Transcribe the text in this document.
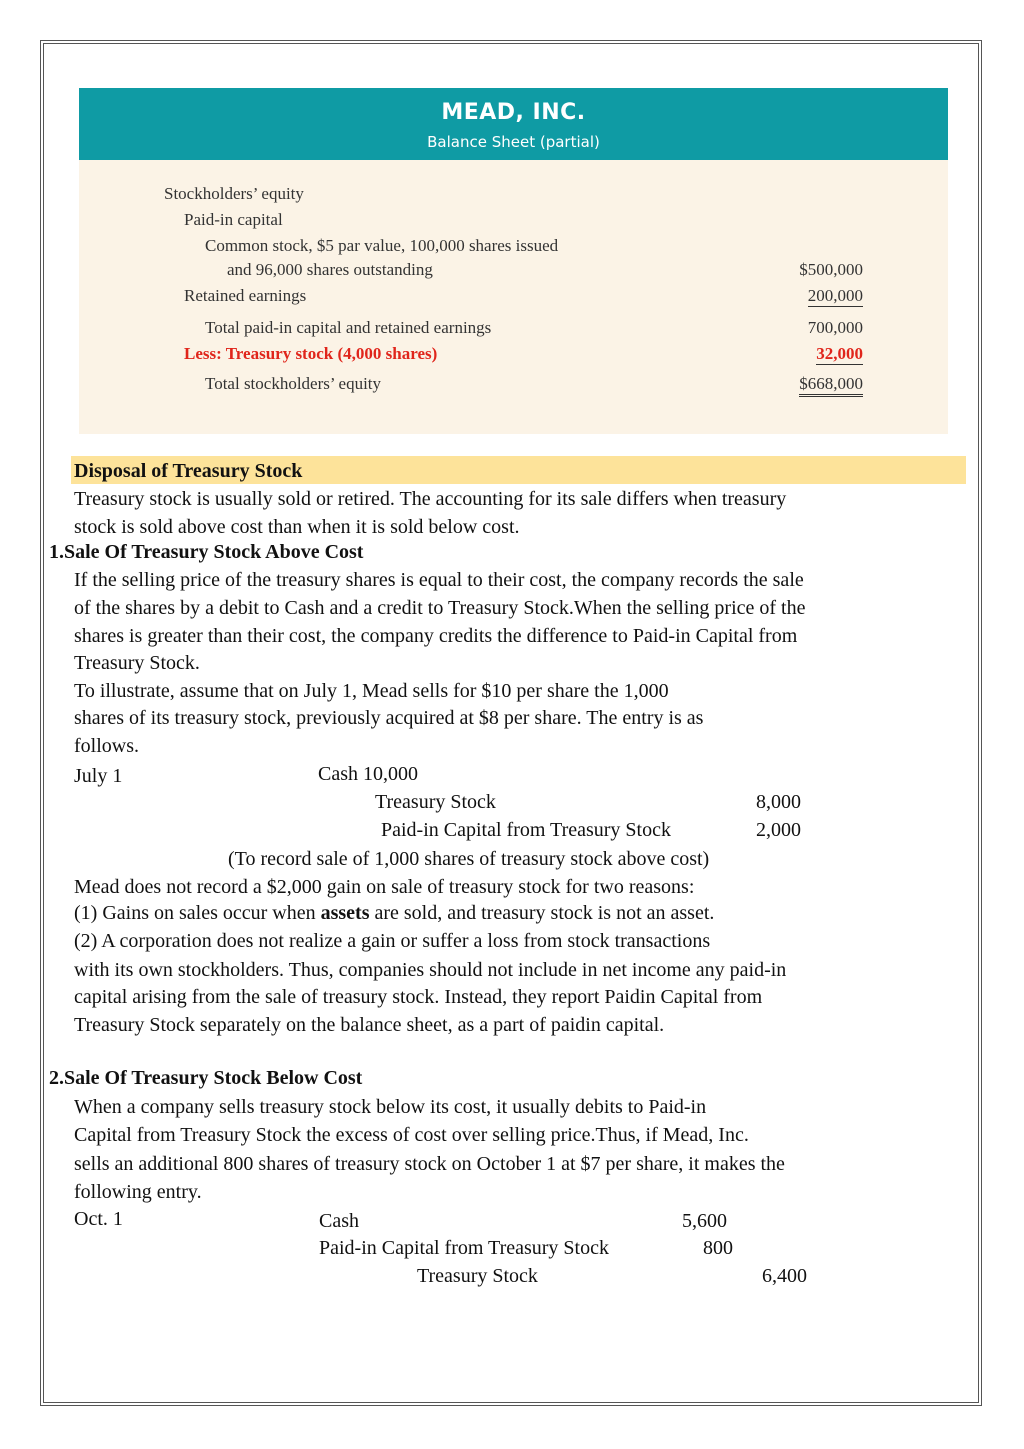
MEAD, INC.
Balance Sheet (partial)
Stockholders’ equity
Paid-in capital
Common stock, $5 par value, 100,000 shares issued
and 96,000 shares outstanding	$500,000
Retained earnings	200,000
Total paid-in capital and retained earnings	700,000
Less: Treasury stock (4,000 shares)	32,000
Total stockholders’ equity	$668,000
Disposal of Treasury Stock
Treasury stock is usually sold or retired. The accounting for its sale differs when treasury
stock is sold above cost than when it is sold below cost.
1.Sale Of Treasury Stock Above Cost
If the selling price of the treasury shares is equal to their cost, the company records the sale
of the shares by a debit to Cash and a credit to Treasury Stock.When the selling price of the
shares is greater than their cost, the company credits the difference to Paid-in Capital from
Treasury Stock.
To illustrate, assume that on July 1, Mead sells for $10 per share the 1,000
shares of its treasury stock, previously acquired at $8 per share. The entry is as
follows.
July 1	Cash 10,000
Treasury Stock	8,000
Paid-in Capital from Treasury Stock	2,000
(To record sale of 1,000 shares of treasury stock above cost)
Mead does not record a $2,000 gain on sale of treasury stock for two reasons:
(1) Gains on sales occur when assets are sold, and treasury stock is not an asset.
(2) A corporation does not realize a gain or suffer a loss from stock transactions
with its own stockholders. Thus, companies should not include in net income any paid-in
capital arising from the sale of treasury stock. Instead, they report Paidin Capital from
Treasury Stock separately on the balance sheet, as a part of paidin capital.
2.Sale Of Treasury Stock Below Cost
When a company sells treasury stock below its cost, it usually debits to Paid-in
Capital from Treasury Stock the excess of cost over selling price.Thus, if Mead, Inc.
sells an additional 800 shares of treasury stock on October 1 at $7 per share, it makes the
following entry.
Oct. 1	Cash	5,600
Paid-in Capital from Treasury Stock	800
Treasury Stock	6,400
